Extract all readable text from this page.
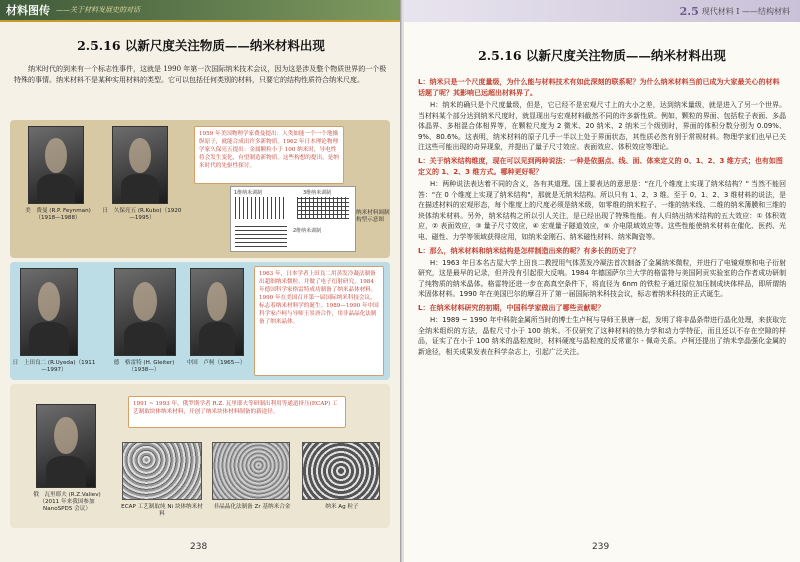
材料图传 ——关于材料发展史的对话
2.5.16 以新尺度关注物质——纳米材料出现
纳米时代的到来有一个标志性事件，这就是 1990 年第一次国际纳米技术会议，因为这是涉及整个物质世界的一个极特殊的事情。纳米材料不是某种实用材料的类型。它可以包括任何类别的材料，只要它的结构性质符合纳米尺度。
美　费曼 (R.P. Feynman)（1918—1988）
日　久保亮五 (R.Kubo)（1920—1995）
1959 年美国物理学家费曼提出：人类如能一个一个地操纵原子，就能合成出许多新物质。1962 年日本理论物理学家久保亮五提出：金属颗粒小于 100 纳米时，导电性将会发生变化，有望制造新物质。这些构想的提出，是纳米时代的先驱性探讨。
1维纳米调制	3维纳米调制
2维纳米调制
纳米材料调制构型示意图
日　上田良二 (R.Uyeda)（1911—1997）
德　格雷特 (H. Gleiter)（1938—）
中国　卢柯（1965—）
1963 年，日本学者上田良二用蒸发冷凝法制备出超细纳米微粒，并做了电子衍射研究。1984 年德国科学家格雷特成功制备了纳米晶体材料。1990 年在美国召开第一届国际纳米科技会议，标志着纳米材料学的诞生。1989—1990 年中国科学家卢柯与导师王景唐合作，用非晶晶化法制备了纳米晶体。
俄　瓦里耶夫 (R.Z.Valiev)（2011 年来我国参加 NanoSPD5 会议）
1991 ~ 1993 年，俄罗斯学者 R.Z. 瓦里耶夫等研制出利用等通道挤压(ECAP) 工艺制取块体纳米材料，开创了纳米块体材料制备的新途径。
ECAP 工艺制取纯 Ni 块体纳米材料
非晶晶化法制备 Zr 基纳米合金	纳米 Ag 粒子
238
2.5 现代材料 I ——结构材料
2.5.16 以新尺度关注物质——纳米材料出现
L：纳米只是一个尺度量级，为什么能与材料技术有如此深刻的联系呢？为什么纳米材料当前已成为大家最关心的材料话题了呢？其影响已远超出材料界了。
H：纳米的确只是个尺度量级，但是，它已经不是宏观尺寸上的大小之差，达到纳米量级，就是进入了另一个世界。当材料某个部分达到纳米尺度时，就显现出与宏观材料截然不同的许多新性质。例如，颗粒的界面、包括粒子表面、多晶体晶界、多相混合体相界等，在颗粒尺度为 2 微米、20 纳米、2 纳米三个级别时，界面的体积分数分别为 0.09%、9%、80.6%。这表明，纳米材料的原子几乎一半以上处于界面状态，其性质必然有别于常规材料。物理学家们也早已关注这些可能出现的奇异现象，并提出了量子尺寸效应、表面效应、体积效应等理论。
L：关于纳米结构维度，现在可以见到两种说法：一种是依据点、线、面、体来定义的 0、1、2、3 维方式；也有如图定义的 1、2、3 维方式。哪种更好呢？
H：两种说法表达着不同的含义，各有其道理。国上要表达的意思是："在几个维度上实现了纳米结构？" 当然不能回答："在 0 个维度上实现了纳米结构"，那就是无纳米结构。所以只有 1、2、3 维。至于 0、1、2、3 维材料的说法，是在描述材料的宏观形态，每个维度上的尺度必须是纳米级，如零维的纳米粒子、一维的纳米线、二维的纳米薄膜和三维的块体纳米材料。另外，纳米结构之所以引人关注，是已经出现了特殊性能。有人归纳出纳米结构的五大效应：① 体积效应，② 表面效应，③ 量子尺寸效应，④ 宏观量子隧道效应，⑤ 介电限域效应等。这些性能使纳米材料在催化、医药、光电、磁性、力学等领域获得应用，如纳米金刚石、纳米磁性材料、纳米陶瓷等。
L：那么，纳米材料和纳米结构是怎样制造出来的呢？有多长的历史了？
H：1963 年日本名古屋大学上田良二教授用气体蒸发冷凝法首次制备了金属纳米微粒，并进行了电镜观察和电子衍射研究，这是最早的记录，但并没有引起很大反响。1984 年德国萨尔兰大学的格雷特与美国阿贡实验室的合作者成功研制了纯物质的纳米晶体。格雷特还进一步在高真空条件下，将直径为 6nm 的铁粒子通过原位加压制成块体样品，即所谓纳米固体材料。1990 年在美国巴尔的摩召开了第一届国际纳米科技会议，标志着纳米科技的正式诞生。
L：在纳米材料研究的初期，中国科学家做出了哪些贡献呢？
H：1989 ~ 1990 年中科院金属所当时的博士生卢柯与导师王景唐一起，发明了将非晶条带进行晶化处理，来获取完全纳米组织的方法，晶粒尺寸小于 100 纳米。不仅研究了这种材料的热力学和动力学特征，而且还以不存在空隙的样品，证实了在小于 100 纳米的晶粒度时，材料硬度与晶粒度的反常霍尔 - 佩奇关系。卢柯还提出了纳米孪晶强化金属的新途径，相关成果发表在科学杂志上，引起广泛关注。
239
